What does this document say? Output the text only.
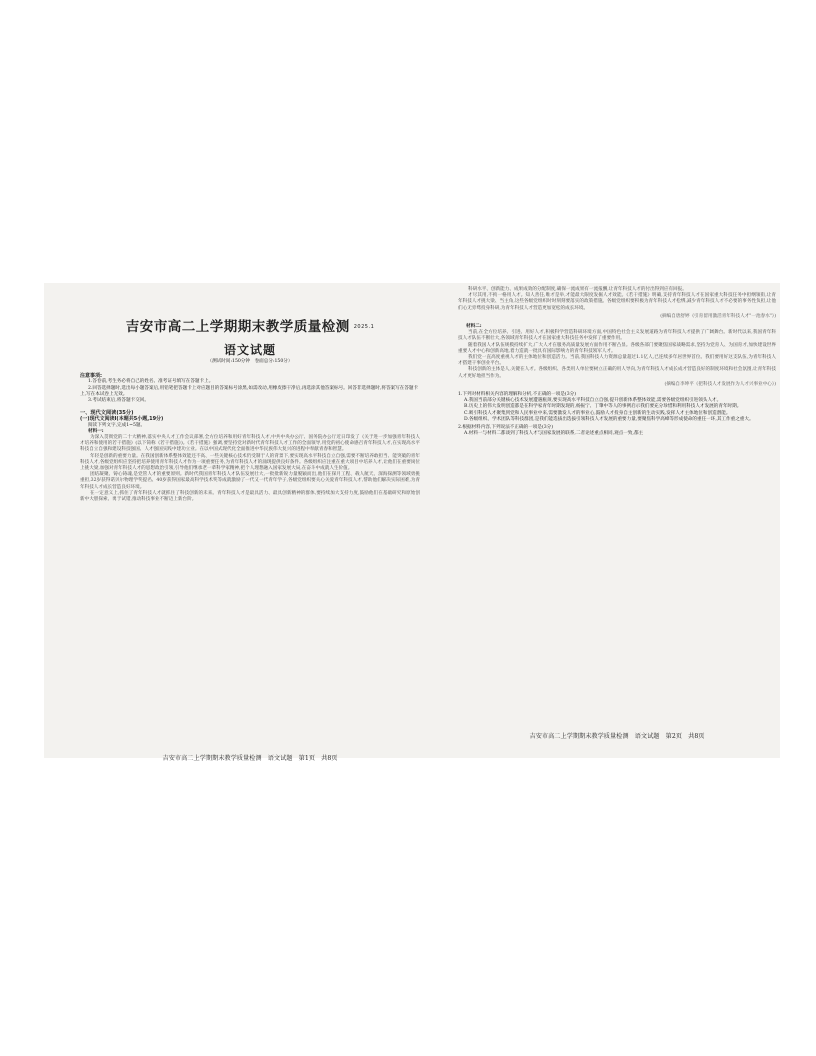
吉安市高二上学期期末教学质量检测 $^{2025.1}$
语文试题
（测试时间:150分钟　卷面总分:150分）
注意事项:
1.答卷前,考生务必将自己的姓名、准考证号填写在答题卡上。
2.回答选择题时,选出每小题答案后,用铅笔把答题卡上对应题目的答案标号涂黑,如需改动,用橡皮擦干净后,再选涂其他答案标号。回答非选择题时,将答案写在答题卡上,写在本试卷上无效。
3.考试结束后,将答题卡交回。
一、现代文阅读(35分)
(一)现代文阅读Ⅰ(本题共5小题,19分)
阅读下列文字,完成1~5题。
材料一:
为深入贯彻党的二十大精神,落实中央人才工作会议部署,全方位培养和用好青年科技人才,中共中央办公厅、国务院办公厅近日印发了《关于进一步加强青年科技人才培养和使用的若干措施》(以下简称《若干措施》)。《若干措施》强调,要坚持党对新时代青年科技人才工作的全面领导,用党的初心使命感召青年科技人才,在实现高水平科技自立自强和建设科技强国、人才强国实践中建功立业。在以中国式现代化全面推进中华民族伟大复兴的进程中奉献青春和智慧。
年轻是创新的重要力量。在我国创新体系整体效能还不高、一些关键核心技术仍受制于人的背景下,要实现高水平科技自立自强,需要不断培养敢担当、能突破的青年科技人才,各级党组织应坚持把培养使用青年科技人才作为一项重要任务,为青年科技人才的涌现提供良好条件。各级组织应注重在重大项目中培养人才,让他们在重要岗位上挑大梁,加强对青年科技人才的思想政治引领,引导他们继承老一辈科学家精神,把个人理想融入国家发展大局,在奋斗中成就人生价值。
团结凝聚、铸心铸魂,是党管人才的重要原则。新时代我国青年科技人才队伍发展壮大,一批批新锐力量脱颖而出,他们在探月工程、载人航天、深海探测等领域勇挑重担,32岁获得诺贝尔物理学奖提名、40岁获得国家最高科学技术奖等成就激励了一代又一代青年学子,各级党组织要关心关爱青年科技人才,帮助他们解决实际困难,为青年科技人才成长营造良好环境。
在一定意义上,抓住了青年科技人才就抓住了科技创新的未来。青年科技人才是最具活力、最具创新精神的群体,要持续加大支持力度,鼓励他们在基础研究和原始创新中大胆探索、勇于试错,推动科技事业不断迈上新台阶。
吉安市高二上学期期末教学质量检测　语文试题　第1页　共8页
科研水平、创新能力、成果成效的分配制度,确保一流成果有一流报酬,让青年科技人才的付出得到应有回报。
才尽其用,不拘一格用人才。知人善任,唯才是举,才能最大限度发掘人才效能。《若干措施》明确,支持青年科技人才在国家重大科技任务中担纲领衔,让青年科技人才挑大梁、当主角,这些各级党组织时时刻刻要落实的政策措施。各级党组织要积极为青年科技人才松绑,减少青年科技人才不必要的事务性负担,让他们心无旁骛投身科研,为青年科技人才营造更加宽松的成长环境。
(摘编自唐舒婷《引育留用激活青年科技人才"一池春水"》)
材料二:
当前,在全方位培养、引进、用好人才,积极科学营造科研环境方面,中国特色社会主义发展道路为青年科技人才提供了广阔舞台。新时代以来,我国青年科技人才队伍不断壮大,各领域青年科技人才在国家重大科技任务中发挥了重要作用。
随着我国人才队伍规模持续扩大,广大人才在服务高质量发展方面作用不断凸显。各级各部门要聚焦国家战略需求,坚持为党育人、为国育才,加快建设世界重要人才中心和创新高地,着力造就一批具有国际影响力的青年科技领军人才。
我们党一直高度重视人才的主体地位和创造活力。当前,我国科技人力资源总量超过1.1亿人,已连续多年居世界首位。我们要用好这支队伍,为青年科技人才搭建干事创业平台。
科技创新的主体是人,关键在人才。各级组织、各类用人单位要树立正确的用人导向,为青年科技人才成长成才营造良好的制度环境和社会氛围,让青年科技人才更好地担当作为。
(摘编自李坤平《把科技人才发展作为人才兴事业中心》)
1.下列对材料相关内容的理解和分析,不正确的一项是(3分)
A.我国当前部分关键核心技术发展遭遇瓶颈,要实现高水平科技自立自强,提升创新体系整体效能,需要各级党组织引进领头人才。
B.历史上的伟大发明创造都是在科学家青年时期发现的,杨振宁、丁肇中等人的事例启示我们要充分珍惜和利用科技人才发展的青年时期。
C.吸引科技人才聚集到党和人民事业中来,需要激发人才的事业心,鼓励人才投身自主创新的生动实践,发挥人才主体地位和创造潜能。
D.各级组织、学术团队等科技群团,是我们能选拔出选拔引领科技人才发展的重要力量,要聚焦科学高峰等形成使命的重任一环,其工作重之重大。
2.根据材料内容,下列说法不正确的一项是(3分)
A.材料一与材料二都谈到了科技人才与国家发展的联系,二者论述重点相同,观点一致,都主
吉安市高二上学期期末教学质量检测　语文试题　第2页　共8页
